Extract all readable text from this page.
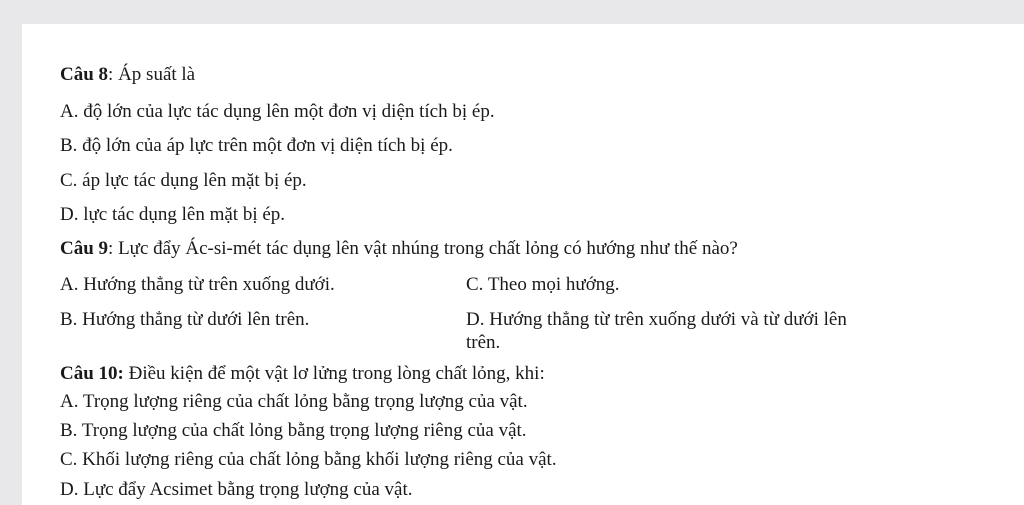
Câu 8: Áp suất là
A. độ lớn của lực tác dụng lên một đơn vị diện tích bị ép.
B. độ lớn của áp lực trên một đơn vị diện tích bị ép.
C. áp lực tác dụng lên mặt bị ép.
D. lực tác dụng lên mặt bị ép.
Câu 9: Lực đẩy Ác-si-mét tác dụng lên vật nhúng trong chất lỏng có hướng như thế nào?
A. Hướng thẳng từ trên xuống dưới.	C. Theo mọi hướng.
B. Hướng thẳng từ dưới lên trên.	D. Hướng thẳng từ trên xuống dưới và từ dưới lên
trên.
Câu 10: Điều kiện để một vật lơ lửng trong lòng chất lỏng, khi:
A. Trọng lượng riêng của chất lỏng bằng trọng lượng của vật.
B. Trọng lượng của chất lỏng bằng trọng lượng riêng của vật.
C. Khối lượng riêng của chất lỏng bằng khối lượng riêng của vật.
D. Lực đẩy Acsimet bằng trọng lượng của vật.
